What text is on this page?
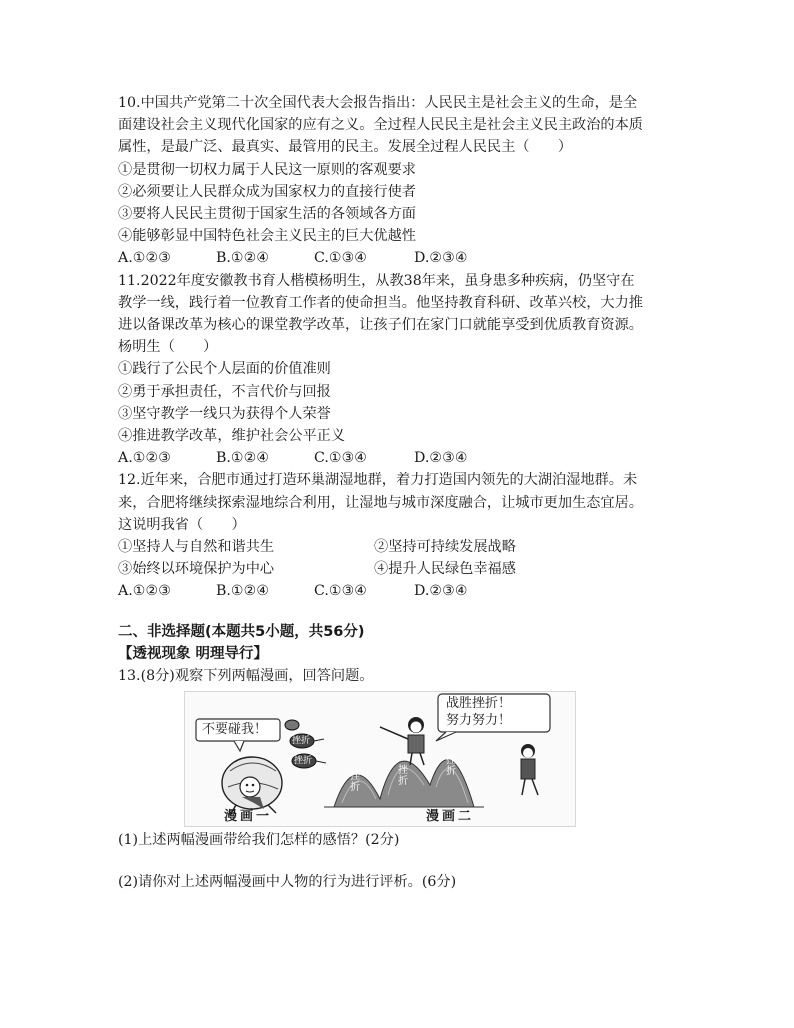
10.中国共产党第二十次全国代表大会报告指出：人民民主是社会主义的生命，是全
面建设社会主义现代化国家的应有之义。全过程人民民主是社会主义民主政治的本质
属性，是最广泛、最真实、最管用的民主。发展全过程人民民主（　　）
①是贯彻一切权力属于人民这一原则的客观要求
②必须要让人民群众成为国家权力的直接行使者
③要将人民民主贯彻于国家生活的各领域各方面
④能够彰显中国特色社会主义民主的巨大优越性
A.①②③	B.①②④	C.①③④	D.②③④
11.2022年度安徽教书育人楷模杨明生，从教38年来，虽身患多种疾病，仍坚守在
教学一线，践行着一位教育工作者的使命担当。他坚持教育科研、改革兴校，大力推
进以备课改革为核心的课堂教学改革，让孩子们在家门口就能享受到优质教育资源。
杨明生（　　）
①践行了公民个人层面的价值准则
②勇于承担责任，不言代价与回报
③坚守教学一线只为获得个人荣誉
④推进教学改革，维护社会公平正义
A.①②③	B.①②④	C.①③④	D.②③④
12.近年来，合肥市通过打造环巢湖湿地群，着力打造国内领先的大湖泊湿地群。未
来，合肥将继续探索湿地综合利用，让湿地与城市深度融合，让城市更加生态宜居。
这说明我省（　　）
①坚持人与自然和谐共生	②坚持可持续发展战略
③始终以环境保护为中心	④提升人民绿色幸福感
A.①②③	B.①②④	C.①③④	D.②③④
二、非选择题(本题共5小题，共56分)
【透视现象 明理导行】
13.(8分)观察下列两幅漫画，回答问题。
不要碰我！
挫折
挫折
漫画一
战胜挫折！
努力努力！
挫折
挫折
挫折
漫画二
(1)上述两幅漫画带给我们怎样的感悟？(2分)
(2)请你对上述两幅漫画中人物的行为进行评析。(6分)
